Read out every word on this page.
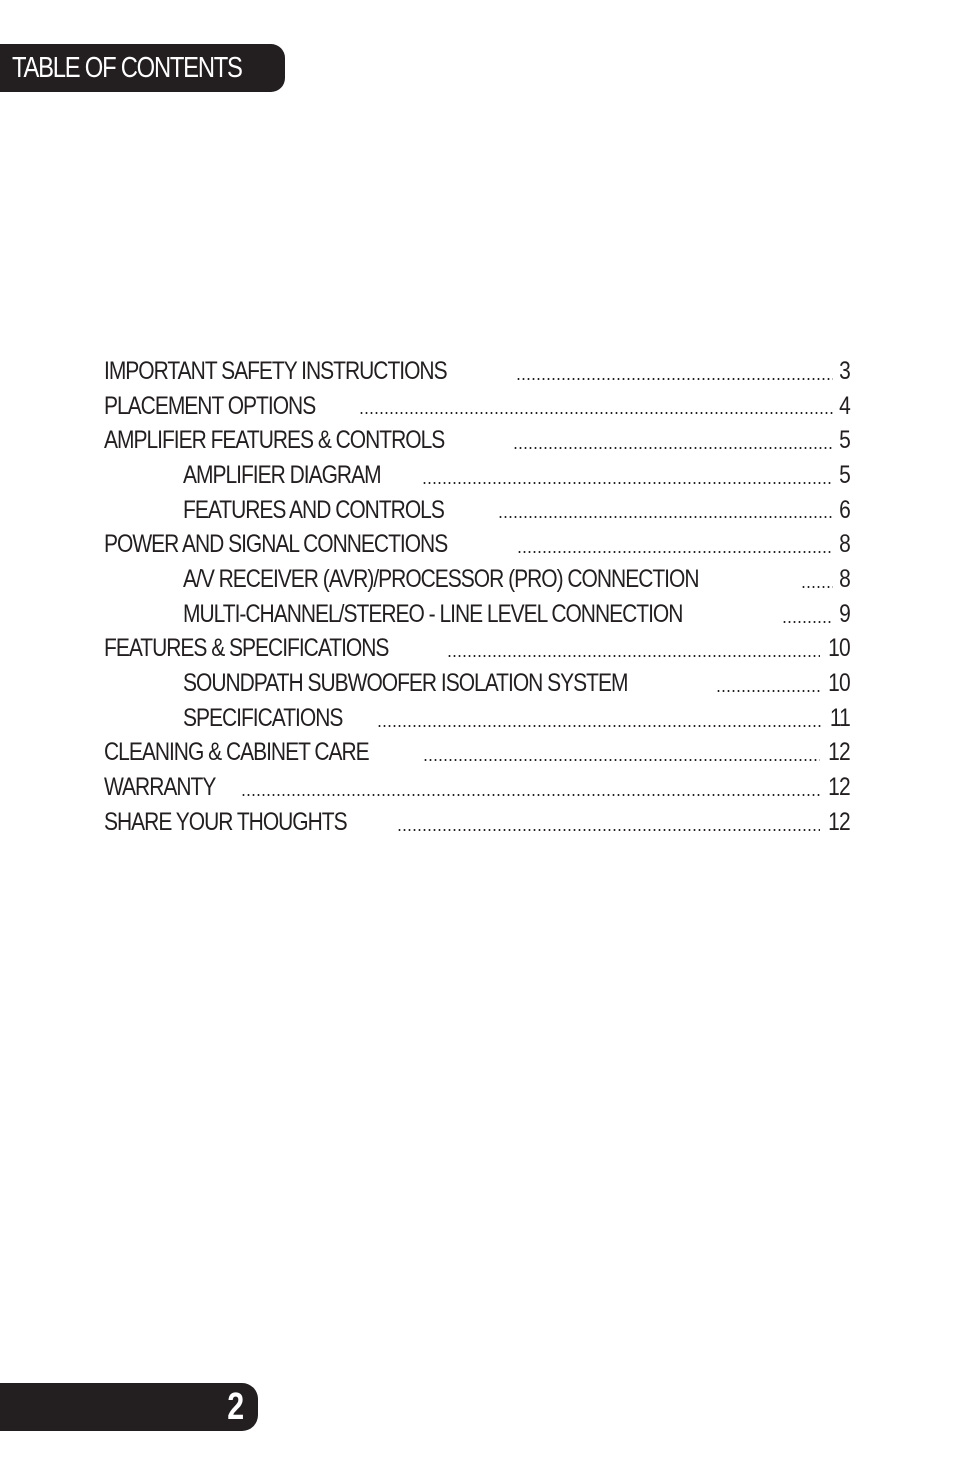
TABLE OF CONTENTS
IMPORTANT SAFETY INSTRUCTIONS	3
PLACEMENT OPTIONS	4
AMPLIFIER FEATURES & CONTROLS	5
AMPLIFIER DIAGRAM	5
FEATURES AND CONTROLS	6
POWER AND SIGNAL CONNECTIONS	8
A/V RECEIVER (AVR)/PROCESSOR (PRO) CONNECTION	8
MULTI-CHANNEL/STEREO - LINE LEVEL CONNECTION	9
FEATURES & SPECIFICATIONS	10
SOUNDPATH SUBWOOFER ISOLATION SYSTEM	10
SPECIFICATIONS	11
CLEANING & CABINET CARE	12
WARRANTY	12
SHARE YOUR THOUGHTS	12
2
